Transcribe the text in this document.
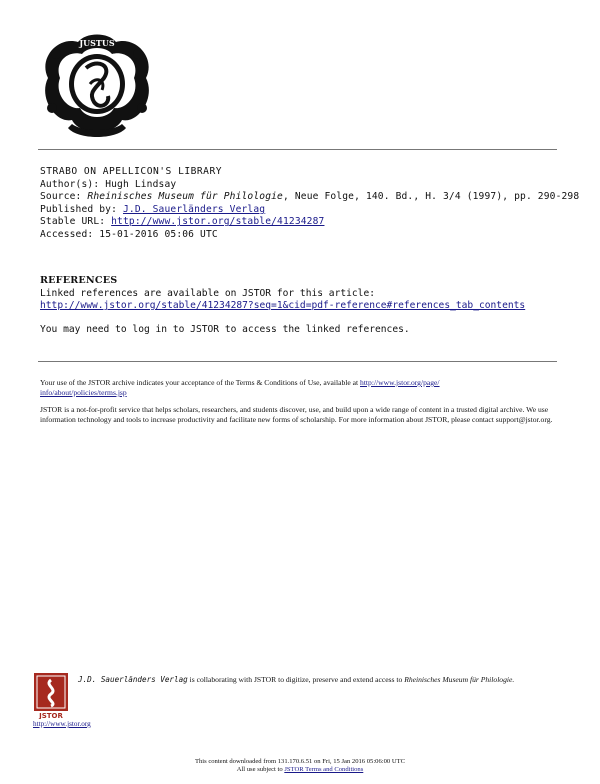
JUSTUS
STRABO ON APELLICON'S LIBRARY
Author(s): Hugh Lindsay
Source: Rheinisches Museum für Philologie, Neue Folge, 140. Bd., H. 3/4 (1997), pp. 290-298
Published by: J.D. Sauerländers Verlag
Stable URL: http://www.jstor.org/stable/41234287
Accessed: 15-01-2016 05:06 UTC
REFERENCES
Linked references are available on JSTOR for this article:
http://www.jstor.org/stable/41234287?seq=1&cid=pdf-reference#references_tab_contents
You may need to log in to JSTOR to access the linked references.

Your use of the JSTOR archive indicates your acceptance of the Terms & Conditions of Use, available at http://www.jstor.org/page/
info/about/policies/terms.jsp

JSTOR is a not-for-profit service that helps scholars, researchers, and students discover, use, and build upon a wide range of content in a trusted digital archive. We use information technology and tools to increase productivity and facilitate new forms of scholarship. For more information about JSTOR, please contact support@jstor.org.

JSTOR
J.D. Sauerländers Verlag is collaborating with JSTOR to digitize, preserve and extend access to Rheinisches Museum für Philologie.
http://www.jstor.org
This content downloaded from 131.170.6.51 on Fri, 15 Jan 2016 05:06:00 UTC
All use subject to JSTOR Terms and Conditions
